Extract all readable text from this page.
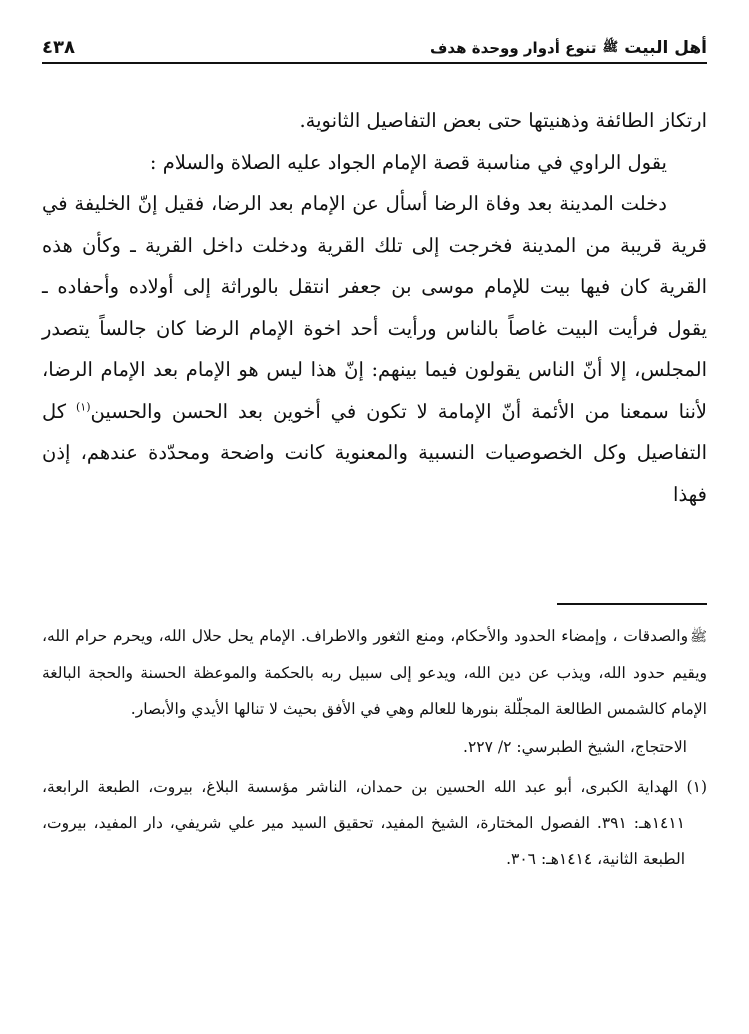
أهل البيت
ﷺ
تنوع أدوار ووحدة هدف
٤٣٨

ارتكاز الطائفة وذهنيتها حتى بعض التفاصيل الثانوية.

يقول الراوي في مناسبة قصة الإمام الجواد عليه الصلاة والسلام :

دخلت المدينة بعد وفاة الرضا أسأل عن الإمام بعد الرضا، فقيل إنّ الخليفة في قرية قريبة من المدينة فخرجت إلى تلك القرية ودخلت داخل القرية ـ وكأن هذه القرية كان فيها بيت للإمام موسى بن جعفر انتقل بالوراثة إلى أولاده وأحفاده ـ يقول فرأيت البيت غاصاً بالناس ورأيت أحد اخوة الإمام الرضا كان جالساً يتصدر المجلس، إلا أنّ الناس يقولون فيما بينهم: إنّ هذا ليس هو الإمام بعد الإمام الرضا، لأننا سمعنا من الأئمة أنّ الإمامة لا تكون في أخوين بعد الحسن والحسين$^{(١)}$ كل التفاصيل وكل الخصوصيات النسبية والمعنوية كانت واضحة ومحدّدة عندهم، إذن فهذا

ﷺوالصدقات ، وإمضاء الحدود والأحكام، ومنع الثغور والاطراف. الإمام يحل حلال الله، ويحرم حرام الله، ويقيم حدود الله، ويذب عن دين الله، ويدعو إلى سبيل ربه بالحكمة والموعظة الحسنة والحجة البالغة الإمام كالشمس الطالعة المجلّلة بنورها للعالم وهي في الأفق بحيث لا تنالها الأيدي والأبصار.

الاحتجاج، الشيخ الطبرسي: ٢/ ٢٢٧.

(١) الهداية الكبرى، أبو عبد الله الحسين بن حمدان، الناشر مؤسسة البلاغ، بيروت، الطبعة الرابعة، ١٤١١هـ: ٣٩١. الفصول المختارة، الشيخ المفيد، تحقيق السيد مير علي شريفي، دار المفيد، بيروت، الطبعة الثانية، ١٤١٤هـ: ٣٠٦.
